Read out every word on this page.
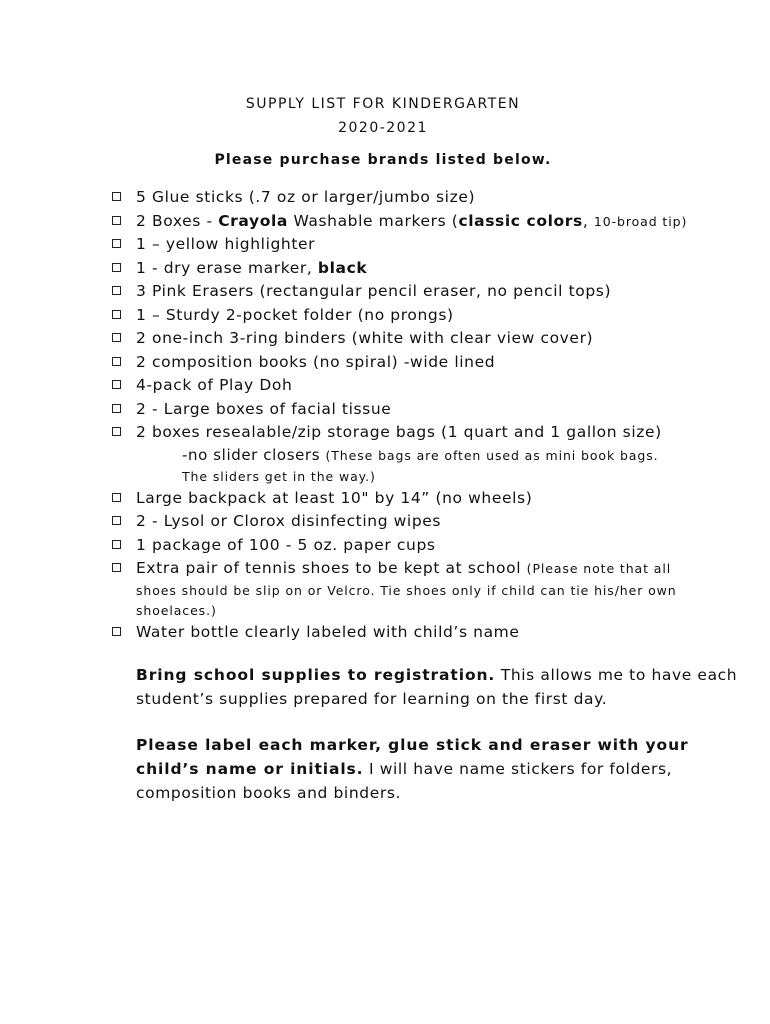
SUPPLY LIST FOR KINDERGARTEN
2020-2021
Please purchase brands listed below.
5 Glue sticks (.7 oz or larger/jumbo size)
2 Boxes - Crayola Washable markers (classic colors, 10-broad tip)
1 – yellow highlighter
1 - dry erase marker, black
3 Pink Erasers (rectangular pencil eraser, no pencil tops)
1 – Sturdy 2-pocket folder (no prongs)
2 one-inch 3-ring binders (white with clear view cover)
2 composition books (no spiral) -wide lined
4-pack of Play Doh
2 - Large boxes of facial tissue
2 boxes resealable/zip storage bags (1 quart and 1 gallon size)
-no slider closers (These bags are often used as mini book bags.
The sliders get in the way.)
Large backpack at least 10" by 14” (no wheels)
2 - Lysol or Clorox disinfecting wipes
1 package of 100 - 5 oz. paper cups
Extra pair of tennis shoes to be kept at school (Please note that all
shoes should be slip on or Velcro. Tie shoes only if child can tie his/her own
shoelaces.)
Water bottle clearly labeled with child’s name
Bring school supplies to registration. This allows me to have each student’s supplies prepared for learning on the first day.
Please label each marker, glue stick and eraser with your child’s name or initials. I will have name stickers for folders, composition books and binders.
